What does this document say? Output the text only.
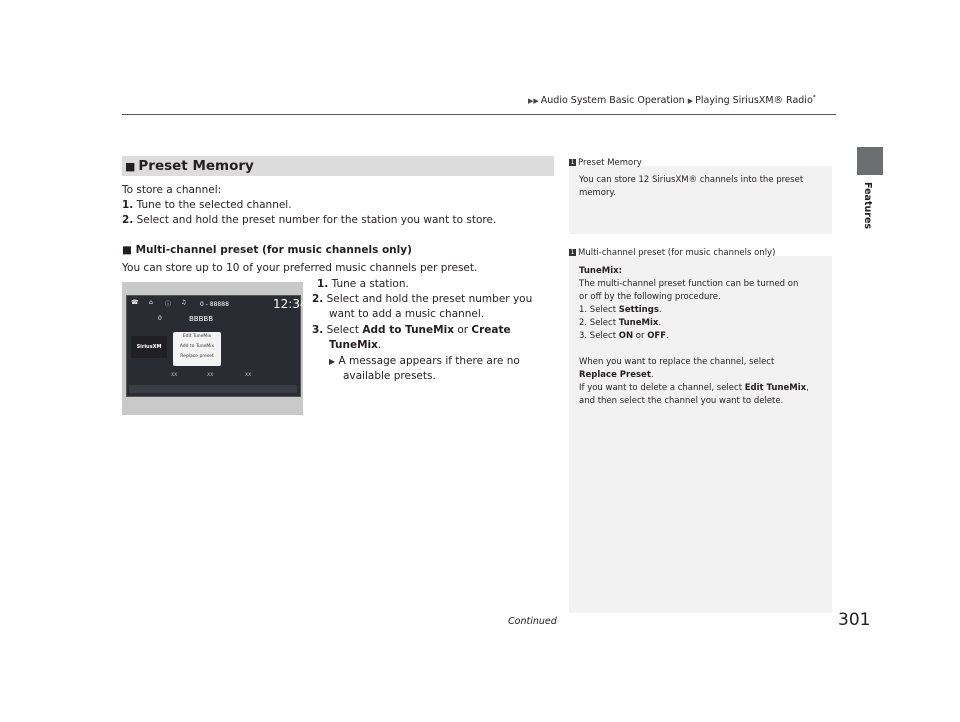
▶▶ Audio System Basic Operation ▶ Playing SiriusXM® Radio*
Features
■ Preset Memory
To store a channel:
1. Tune to the selected channel.
2. Select and hold the preset number for the station you want to store.
■ Multi-channel preset (for music channels only)
You can store up to 10 of your preferred music channels per preset.
1. Tune a station.
2. Select and hold the preset number you
want to add a music channel.
3. Select Add to TuneMix or Create
TuneMix.
▶ A message appears if there are no
available presets.
☎ ⌂ ⓘ ♫ 0 - 88888	12:34
0	BBBBB
SiriusXM
Edit TuneMix
Add to TuneMix
Replace preset
XX	XX	XX
1 Preset Memory
You can store 12 SiriusXM® channels into the preset
memory.
1 Multi-channel preset (for music channels only)
TuneMix:
The multi-channel preset function can be turned on
or off by the following procedure.
1. Select Settings.
2. Select TuneMix.
3. Select ON or OFF.
When you want to replace the channel, select
Replace Preset.
If you want to delete a channel, select Edit TuneMix,
and then select the channel you want to delete.
Continued	301
